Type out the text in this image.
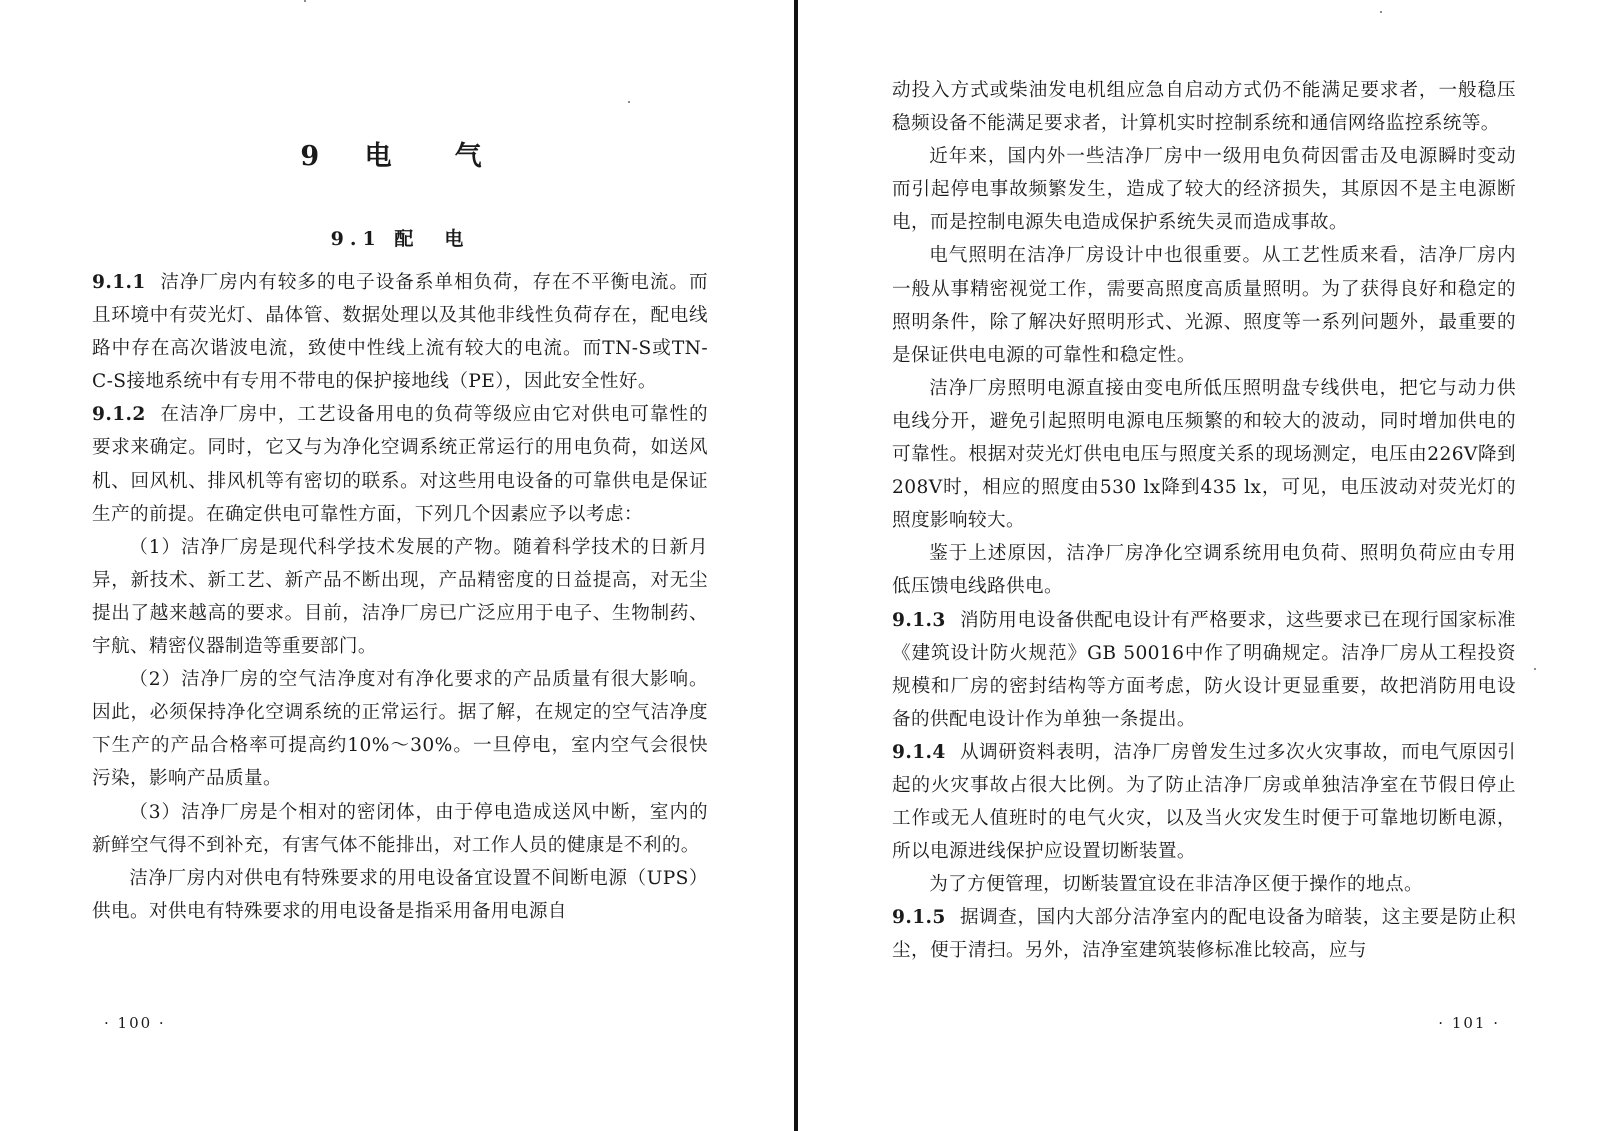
9 电　气
9.1 配　电

9.1.1 洁净厂房内有较多的电子设备系单相负荷，存在不平衡电流。而且环境中有荧光灯、晶体管、数据处理以及其他非线性负荷存在，配电线路中存在高次谐波电流，致使中性线上流有较大的电流。而TN-S或TN-C-S接地系统中有专用不带电的保护接地线（PE），因此安全性好。

9.1.2 在洁净厂房中，工艺设备用电的负荷等级应由它对供电可靠性的要求来确定。同时，它又与为净化空调系统正常运行的用电负荷，如送风机、回风机、排风机等有密切的联系。对这些用电设备的可靠供电是保证生产的前提。在确定供电可靠性方面，下列几个因素应予以考虑：

（1）洁净厂房是现代科学技术发展的产物。随着科学技术的日新月异，新技术、新工艺、新产品不断出现，产品精密度的日益提高，对无尘提出了越来越高的要求。目前，洁净厂房已广泛应用于电子、生物制药、宇航、精密仪器制造等重要部门。

（2）洁净厂房的空气洁净度对有净化要求的产品质量有很大影响。因此，必须保持净化空调系统的正常运行。据了解，在规定的空气洁净度下生产的产品合格率可提高约10%～30%。一旦停电，室内空气会很快污染，影响产品质量。

（3）洁净厂房是个相对的密闭体，由于停电造成送风中断，室内的新鲜空气得不到补充，有害气体不能排出，对工作人员的健康是不利的。

洁净厂房内对供电有特殊要求的用电设备宜设置不间断电源（UPS）供电。对供电有特殊要求的用电设备是指采用备用电源自

· 100 ·

动投入方式或柴油发电机组应急自启动方式仍不能满足要求者，一般稳压稳频设备不能满足要求者，计算机实时控制系统和通信网络监控系统等。

近年来，国内外一些洁净厂房中一级用电负荷因雷击及电源瞬时变动而引起停电事故频繁发生，造成了较大的经济损失，其原因不是主电源断电，而是控制电源失电造成保护系统失灵而造成事故。

电气照明在洁净厂房设计中也很重要。从工艺性质来看，洁净厂房内一般从事精密视觉工作，需要高照度高质量照明。为了获得良好和稳定的照明条件，除了解决好照明形式、光源、照度等一系列问题外，最重要的是保证供电电源的可靠性和稳定性。

洁净厂房照明电源直接由变电所低压照明盘专线供电，把它与动力供电线分开，避免引起照明电源电压频繁的和较大的波动，同时增加供电的可靠性。根据对荧光灯供电电压与照度关系的现场测定，电压由226V降到208V时，相应的照度由530 lx降到435 lx，可见，电压波动对荧光灯的照度影响较大。

鉴于上述原因，洁净厂房净化空调系统用电负荷、照明负荷应由专用低压馈电线路供电。

9.1.3 消防用电设备供配电设计有严格要求，这些要求已在现行国家标准《建筑设计防火规范》GB 50016中作了明确规定。洁净厂房从工程投资规模和厂房的密封结构等方面考虑，防火设计更显重要，故把消防用电设备的供配电设计作为单独一条提出。

9.1.4 从调研资料表明，洁净厂房曾发生过多次火灾事故，而电气原因引起的火灾事故占很大比例。为了防止洁净厂房或单独洁净室在节假日停止工作或无人值班时的电气火灾，以及当火灾发生时便于可靠地切断电源，所以电源进线保护应设置切断装置。

为了方便管理，切断装置宜设在非洁净区便于操作的地点。

9.1.5 据调查，国内大部分洁净室内的配电设备为暗装，这主要是防止积尘，便于清扫。另外，洁净室建筑装修标准比较高，应与

· 101 ·
